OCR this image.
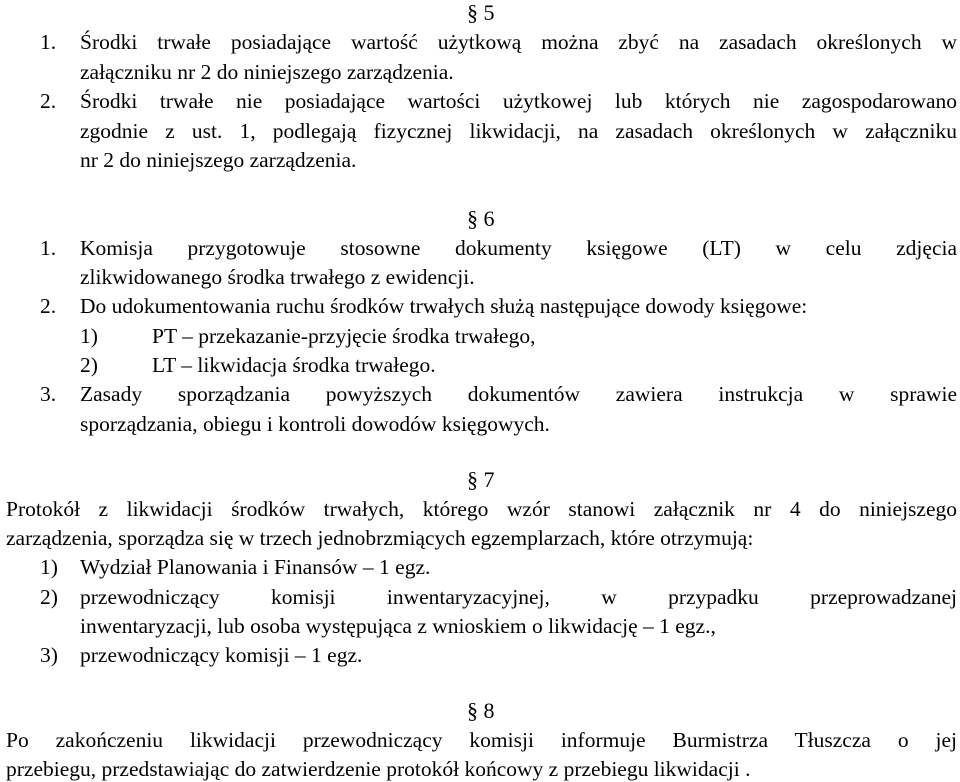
§ 5
1. Środki trwałe posiadające wartość użytkową można zbyć na zasadach określonych w
załączniku nr 2 do niniejszego zarządzenia.
2. Środki trwałe nie posiadające wartości użytkowej lub których nie zagospodarowano
zgodnie z ust. 1, podlegają fizycznej likwidacji, na zasadach określonych w załączniku
nr 2 do niniejszego zarządzenia.
§ 6
1. Komisja przygotowuje stosowne dokumenty księgowe (LT) w celu zdjęcia
zlikwidowanego środka trwałego z ewidencji.
2. Do udokumentowania ruchu środków trwałych służą następujące dowody księgowe:
1)	PT – przekazanie-przyjęcie środka trwałego,
2)	LT – likwidacja środka trwałego.
3. Zasady sporządzania powyższych dokumentów zawiera instrukcja w sprawie
sporządzania, obiegu i kontroli dowodów księgowych.
§ 7
Protokół z likwidacji środków trwałych, którego wzór stanowi załącznik nr 4 do niniejszego
zarządzenia, sporządza się w trzech jednobrzmiących egzemplarzach, które otrzymują:
1) Wydział Planowania i Finansów – 1 egz.
2) przewodniczący komisji inwentaryzacyjnej, w przypadku przeprowadzanej
inwentaryzacji, lub osoba występująca z wnioskiem o likwidację – 1 egz.,
3) przewodniczący komisji – 1 egz.
§ 8
Po zakończeniu likwidacji przewodniczący komisji informuje Burmistrza Tłuszcza o jej
przebiegu, przedstawiając do zatwierdzenie protokół końcowy z przebiegu likwidacji .
